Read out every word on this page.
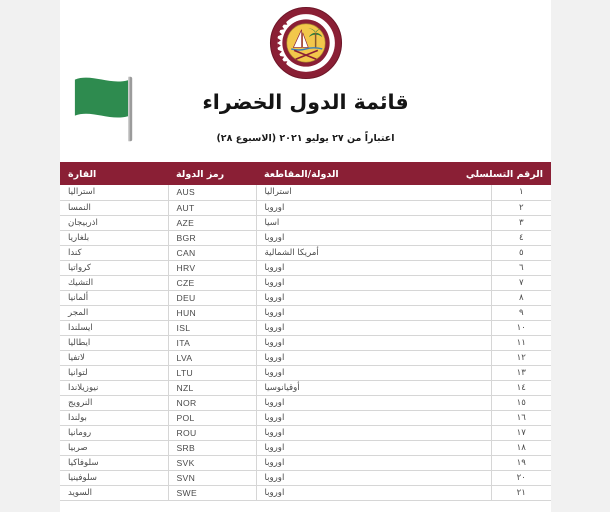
قائمة الدول الخضراء
اعتباراً من ٢٧ يوليو ٢٠٢١ (الاسبوع ٢٨)
الرقم التسلسلي	الدولة/المقاطعة	رمز الدولة	القارة
١	استراليا	AUS	استراليا
٢	اوروبا	AUT	النمسا
٣	اسيا	AZE	اذربيجان
٤	اوروبا	BGR	بلغاريا
٥	أمريكا الشمالية	CAN	كندا
٦	اوروبا	HRV	كرواتيا
٧	اوروبا	CZE	التشيك
٨	اوروبا	DEU	ألمانيا
٩	اوروبا	HUN	المجر
١٠	اوروبا	ISL	ايسلندا
١١	اوروبا	ITA	ايطاليا
١٢	اوروبا	LVA	لاتفيا
١٣	اوروبا	LTU	لتوانيا
١٤	أوقيانوسيا	NZL	نيوزيلاندا
١٥	اوروبا	NOR	النرويج
١٦	اوروبا	POL	بولندا
١٧	اوروبا	ROU	رومانيا
١٨	اوروبا	SRB	صربيا
١٩	اوروبا	SVK	سلوفاكيا
٢٠	اوروبا	SVN	سلوفينيا
٢١	اوروبا	SWE	السويد
